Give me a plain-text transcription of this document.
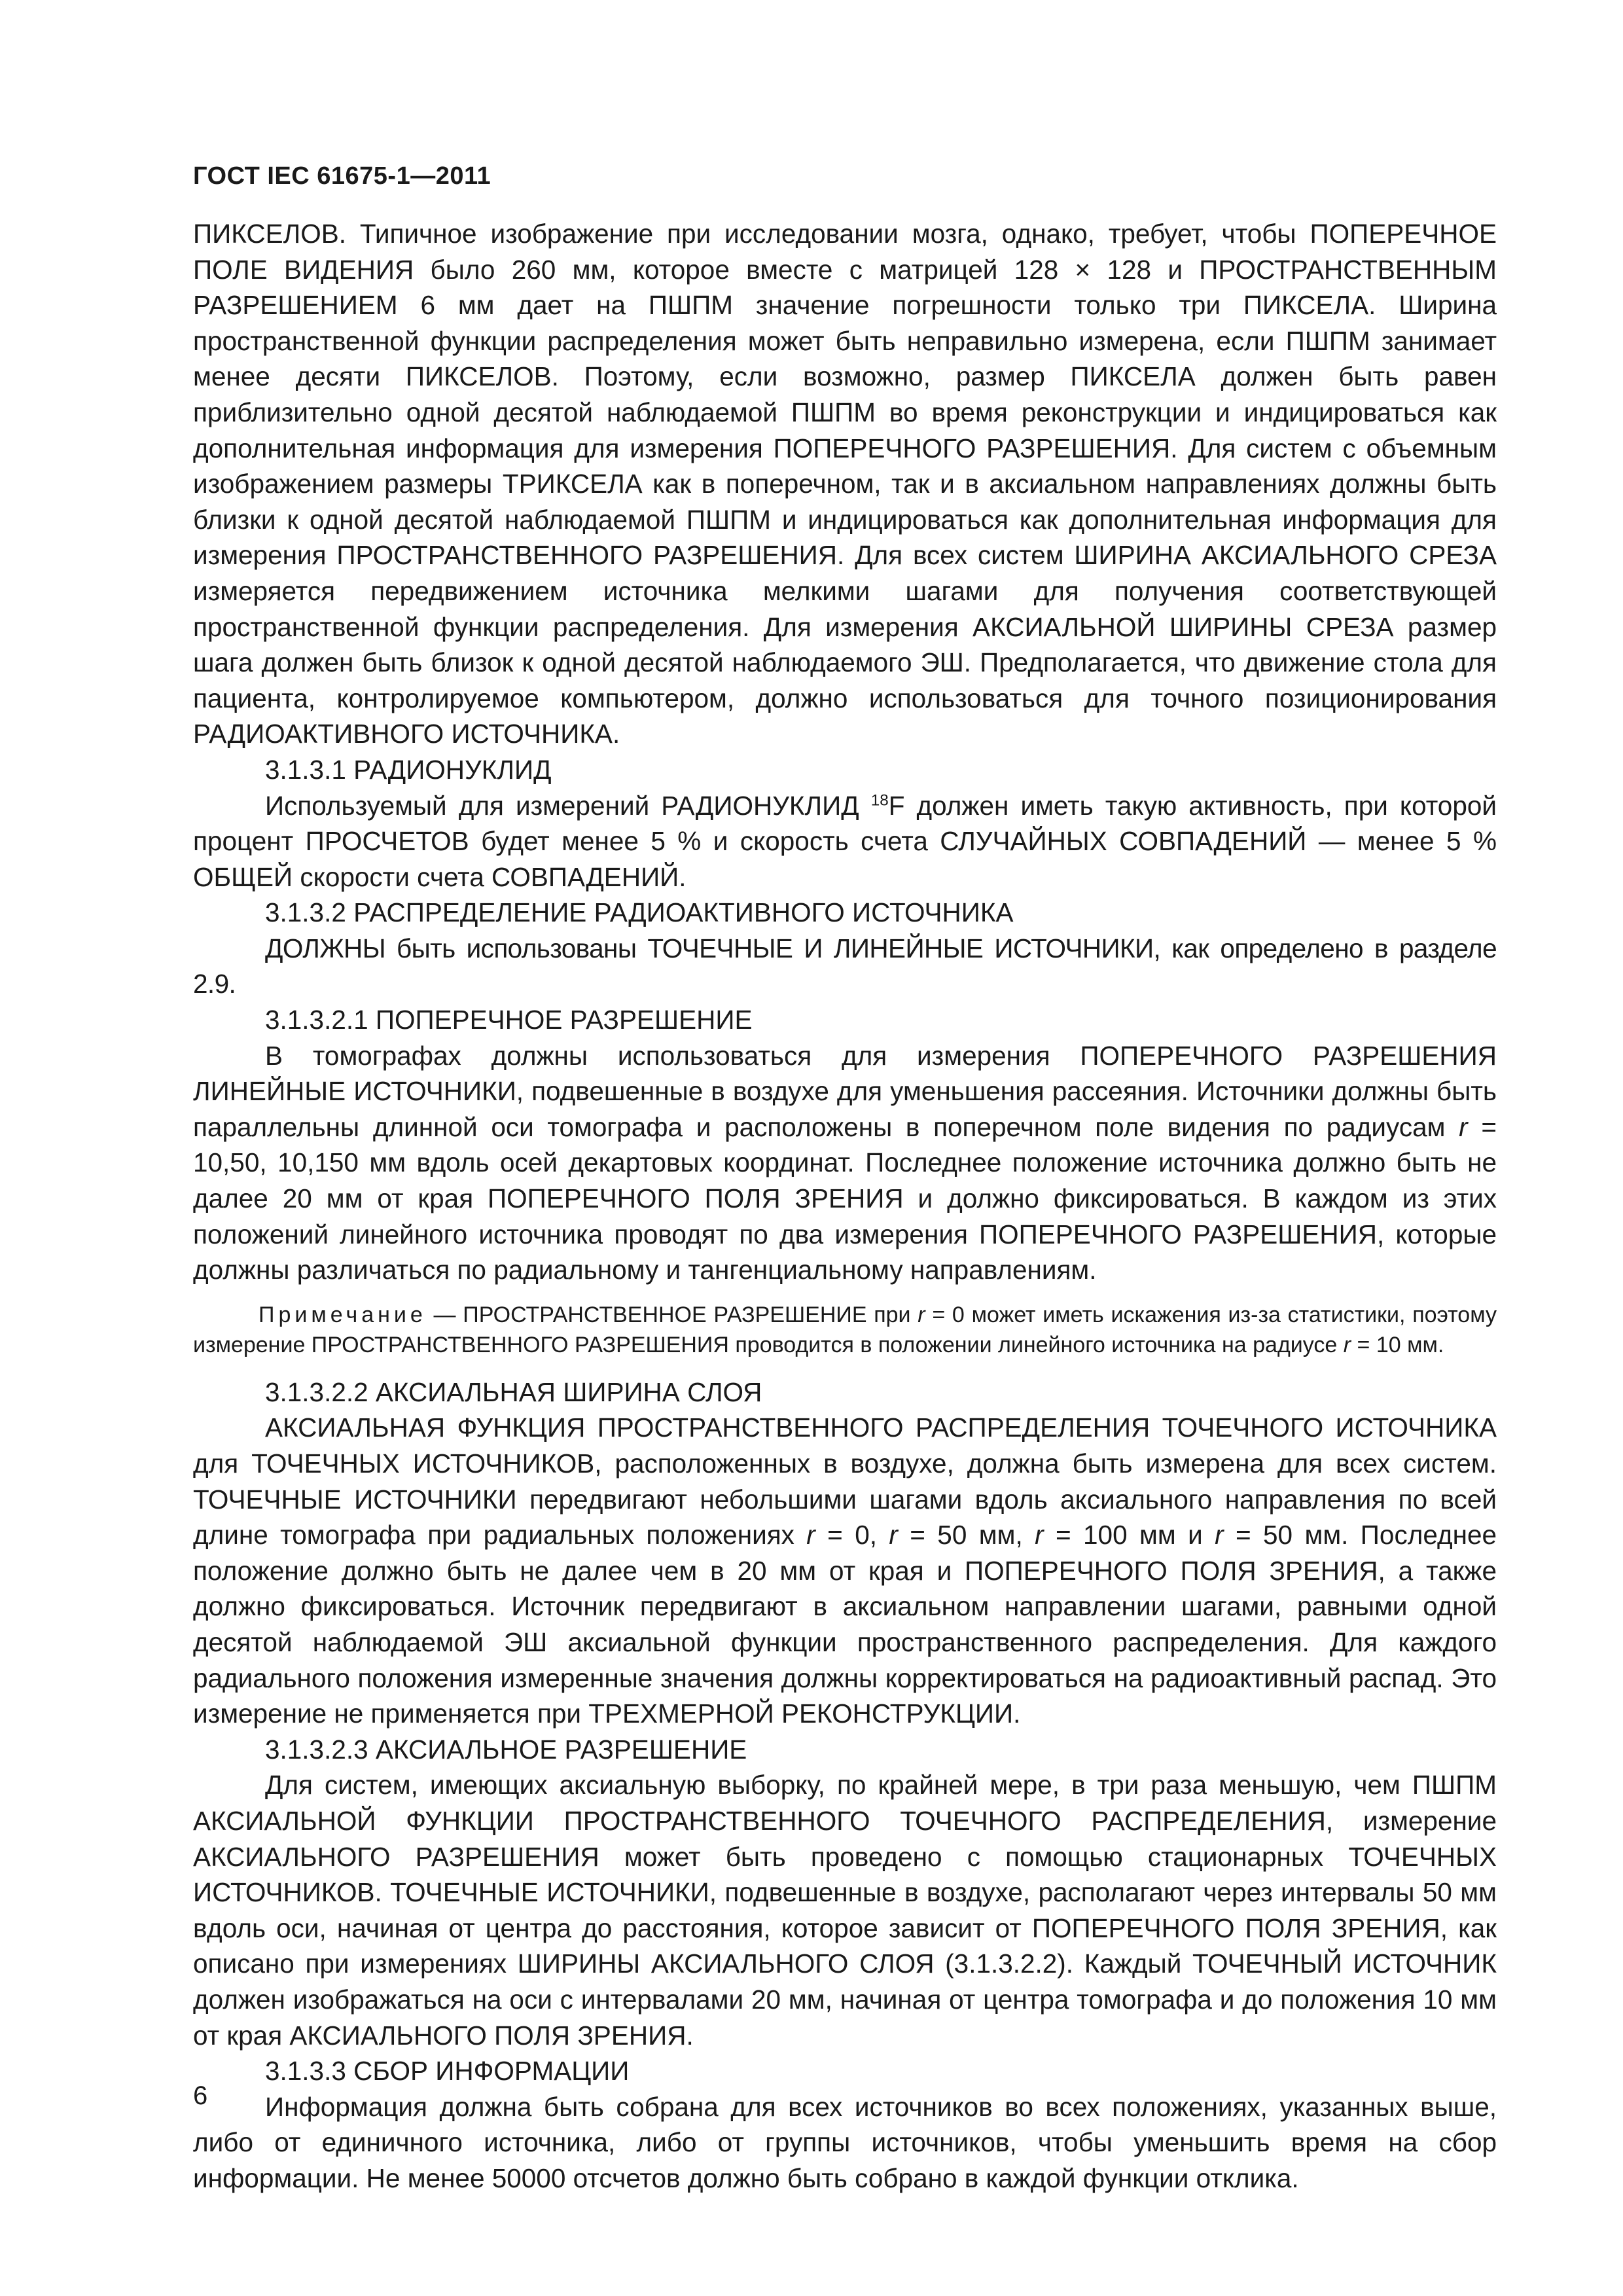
ГОСТ IEC 61675-1—2011

ПИКСЕЛОВ. Типичное изображение при исследовании мозга, однако, требует, чтобы ПОПЕРЕЧНОЕ ПОЛЕ ВИДЕНИЯ было 260 мм, которое вместе с матрицей 128 × 128 и ПРОСТРАНСТВЕННЫМ РАЗРЕШЕНИЕМ 6 мм дает на ПШПМ значение погрешности только три ПИКСЕЛА. Ширина пространственной функции распределения может быть неправильно измерена, если ПШПМ занимает менее десяти ПИКСЕЛОВ. Поэтому, если возможно, размер ПИКСЕЛА должен быть равен приблизительно одной десятой наблюдаемой ПШПМ во время реконструкции и индицироваться как дополнительная информация для измерения ПОПЕРЕЧНОГО РАЗРЕШЕНИЯ. Для систем с объемным изображением размеры ТРИКСЕЛА как в поперечном, так и в аксиальном направлениях должны быть близки к одной десятой наблюдаемой ПШПМ и индицироваться как дополнительная информация для измерения ПРОСТРАНСТВЕННОГО РАЗРЕШЕНИЯ. Для всех систем ШИРИНА АКСИАЛЬНОГО СРЕЗА измеряется передвижением источника мелкими шагами для получения соответствующей пространственной функции распределения. Для измерения АКСИАЛЬНОЙ ШИРИНЫ СРЕЗА размер шага должен быть близок к одной десятой наблюдаемого ЭШ. Предполагается, что движение стола для пациента, контролируемое компьютером, должно использоваться для точного позиционирования РАДИОАКТИВНОГО ИСТОЧНИКА.

3.1.3.1 РАДИОНУКЛИД

Используемый для измерений РАДИОНУКЛИД $^{18}$F должен иметь такую активность, при которой процент ПРОСЧЕТОВ будет менее 5 % и скорость счета СЛУЧАЙНЫХ СОВПАДЕНИЙ — менее 5 % ОБЩЕЙ скорости счета СОВПАДЕНИЙ.

3.1.3.2 РАСПРЕДЕЛЕНИЕ РАДИОАКТИВНОГО ИСТОЧНИКА

ДОЛЖНЫ быть использованы ТОЧЕЧНЫЕ И ЛИНЕЙНЫЕ ИСТОЧНИКИ, как определено в разделе 2.9.

3.1.3.2.1 ПОПЕРЕЧНОЕ РАЗРЕШЕНИЕ

В томографах должны использоваться для измерения ПОПЕРЕЧНОГО РАЗРЕШЕНИЯ ЛИНЕЙНЫЕ ИСТОЧНИКИ, подвешенные в воздухе для уменьшения рассеяния. Источники должны быть параллельны длинной оси томографа и расположены в поперечном поле видения по радиусам r = 10,50, 10,150 мм вдоль осей декартовых координат. Последнее положение источника должно быть не далее 20 мм от края ПОПЕРЕЧНОГО ПОЛЯ ЗРЕНИЯ и должно фиксироваться. В каждом из этих положений линейного источника проводят по два измерения ПОПЕРЕЧНОГО РАЗРЕШЕНИЯ, которые должны различаться по радиальному и тангенциальному направлениям.

Примечание — ПРОСТРАНСТВЕННОЕ РАЗРЕШЕНИЕ при r = 0 может иметь искажения из-за статистики, поэтому измерение ПРОСТРАНСТВЕННОГО РАЗРЕШЕНИЯ проводится в положении линейного источника на радиусе r = 10 мм.

3.1.3.2.2 АКСИАЛЬНАЯ ШИРИНА СЛОЯ

АКСИАЛЬНАЯ ФУНКЦИЯ ПРОСТРАНСТВЕННОГО РАСПРЕДЕЛЕНИЯ ТОЧЕЧНОГО ИСТОЧНИКА для ТОЧЕЧНЫХ ИСТОЧНИКОВ, расположенных в воздухе, должна быть измерена для всех систем. ТОЧЕЧНЫЕ ИСТОЧНИКИ передвигают небольшими шагами вдоль аксиального направления по всей длине томографа при радиальных положениях r = 0, r = 50 мм, r = 100 мм и r = 50 мм. Последнее положение должно быть не далее чем в 20 мм от края и ПОПЕРЕЧНОГО ПОЛЯ ЗРЕНИЯ, а также должно фиксироваться. Источник передвигают в аксиальном направлении шагами, равными одной десятой наблюдаемой ЭШ аксиальной функции пространственного распределения. Для каждого радиального положения измеренные значения должны корректироваться на радиоактивный распад. Это измерение не применяется при ТРЕХМЕРНОЙ РЕКОНСТРУКЦИИ.

3.1.3.2.3 АКСИАЛЬНОЕ РАЗРЕШЕНИЕ

Для систем, имеющих аксиальную выборку, по крайней мере, в три раза меньшую, чем ПШПМ АКСИАЛЬНОЙ ФУНКЦИИ ПРОСТРАНСТВЕННОГО ТОЧЕЧНОГО РАСПРЕДЕЛЕНИЯ, измерение АКСИАЛЬНОГО РАЗРЕШЕНИЯ может быть проведено с помощью стационарных ТОЧЕЧНЫХ ИСТОЧНИКОВ. ТОЧЕЧНЫЕ ИСТОЧНИКИ, подвешенные в воздухе, располагают через интервалы 50 мм вдоль оси, начиная от центра до расстояния, которое зависит от ПОПЕРЕЧНОГО ПОЛЯ ЗРЕНИЯ, как описано при измерениях ШИРИНЫ АКСИАЛЬНОГО СЛОЯ (3.1.3.2.2). Каждый ТОЧЕЧНЫЙ ИСТОЧНИК должен изображаться на оси с интервалами 20 мм, начиная от центра томографа и до положения 10 мм от края АКСИАЛЬНОГО ПОЛЯ ЗРЕНИЯ.

3.1.3.3 СБОР ИНФОРМАЦИИ

Информация должна быть собрана для всех источников во всех положениях, указанных выше, либо от единичного источника, либо от группы источников, чтобы уменьшить время на сбор информации. Не менее 50000 отсчетов должно быть собрано в каждой функции отклика.

6
